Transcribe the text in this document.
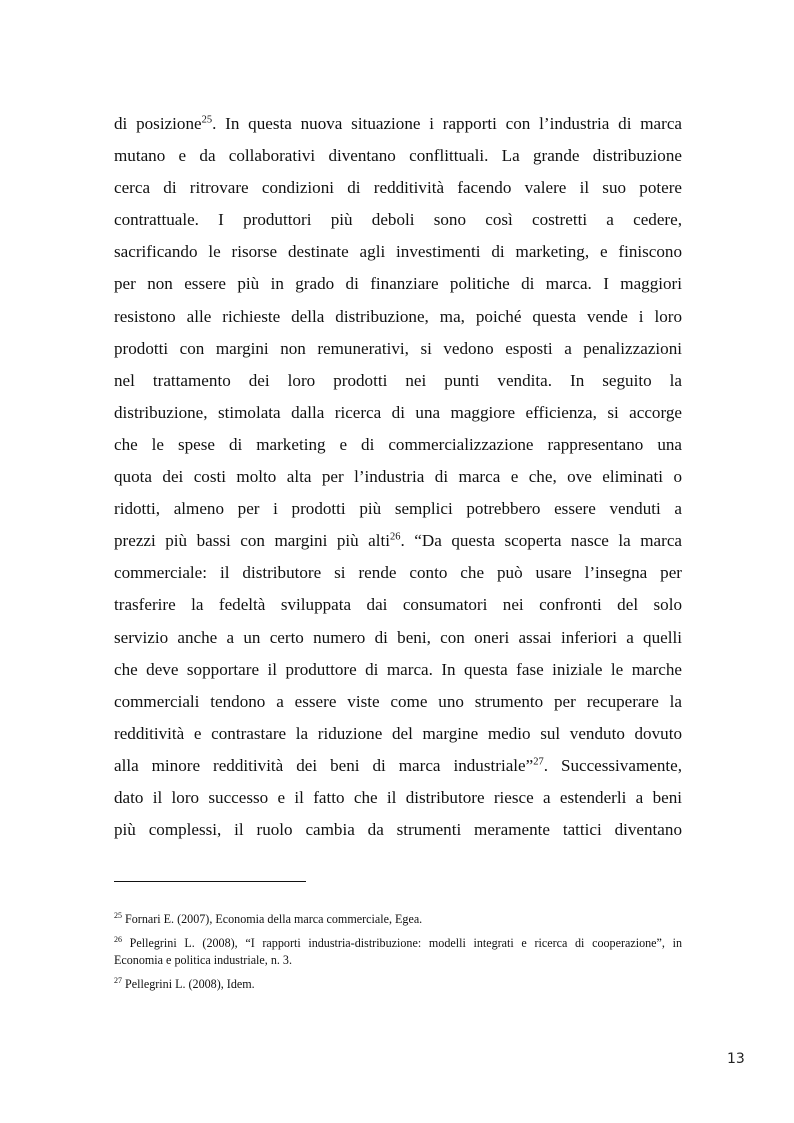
di posizione$^{25}$. In questa nuova situazione i rapporti con l’industria di marca
mutano e da collaborativi diventano conflittuali. La grande distribuzione
cerca di ritrovare condizioni di redditività facendo valere il suo potere
contrattuale. I produttori più deboli sono così costretti a cedere,
sacrificando le risorse destinate agli investimenti di marketing, e finiscono
per non essere più in grado di finanziare politiche di marca. I maggiori
resistono alle richieste della distribuzione, ma, poiché questa vende i loro
prodotti con margini non remunerativi, si vedono esposti a penalizzazioni
nel trattamento dei loro prodotti nei punti vendita. In seguito la
distribuzione, stimolata dalla ricerca di una maggiore efficienza, si accorge
che le spese di marketing e di commercializzazione rappresentano una
quota dei costi molto alta per l’industria di marca e che, ove eliminati o
ridotti, almeno per i prodotti più semplici potrebbero essere venduti a
prezzi più bassi con margini più alti$^{26}$. “Da questa scoperta nasce la marca
commerciale: il distributore si rende conto che può usare l’insegna per
trasferire la fedeltà sviluppata dai consumatori nei confronti del solo
servizio anche a un certo numero di beni, con oneri assai inferiori a quelli
che deve sopportare il produttore di marca. In questa fase iniziale le marche
commerciali tendono a essere viste come uno strumento per recuperare la
redditività e contrastare la riduzione del margine medio sul venduto dovuto
alla minore redditività dei beni di marca industriale”$^{27}$. Successivamente,
dato il loro successo e il fatto che il distributore riesce a estenderli a beni
più complessi, il ruolo cambia da strumenti meramente tattici diventano
$^{25}$ Fornari E. (2007), Economia della marca commerciale, Egea.
$^{26}$ Pellegrini L. (2008), “I rapporti industria-distribuzione: modelli integrati e ricerca di cooperazione”, in
Economia e politica industriale, n. 3.
$^{27}$ Pellegrini L. (2008), Idem.
13
